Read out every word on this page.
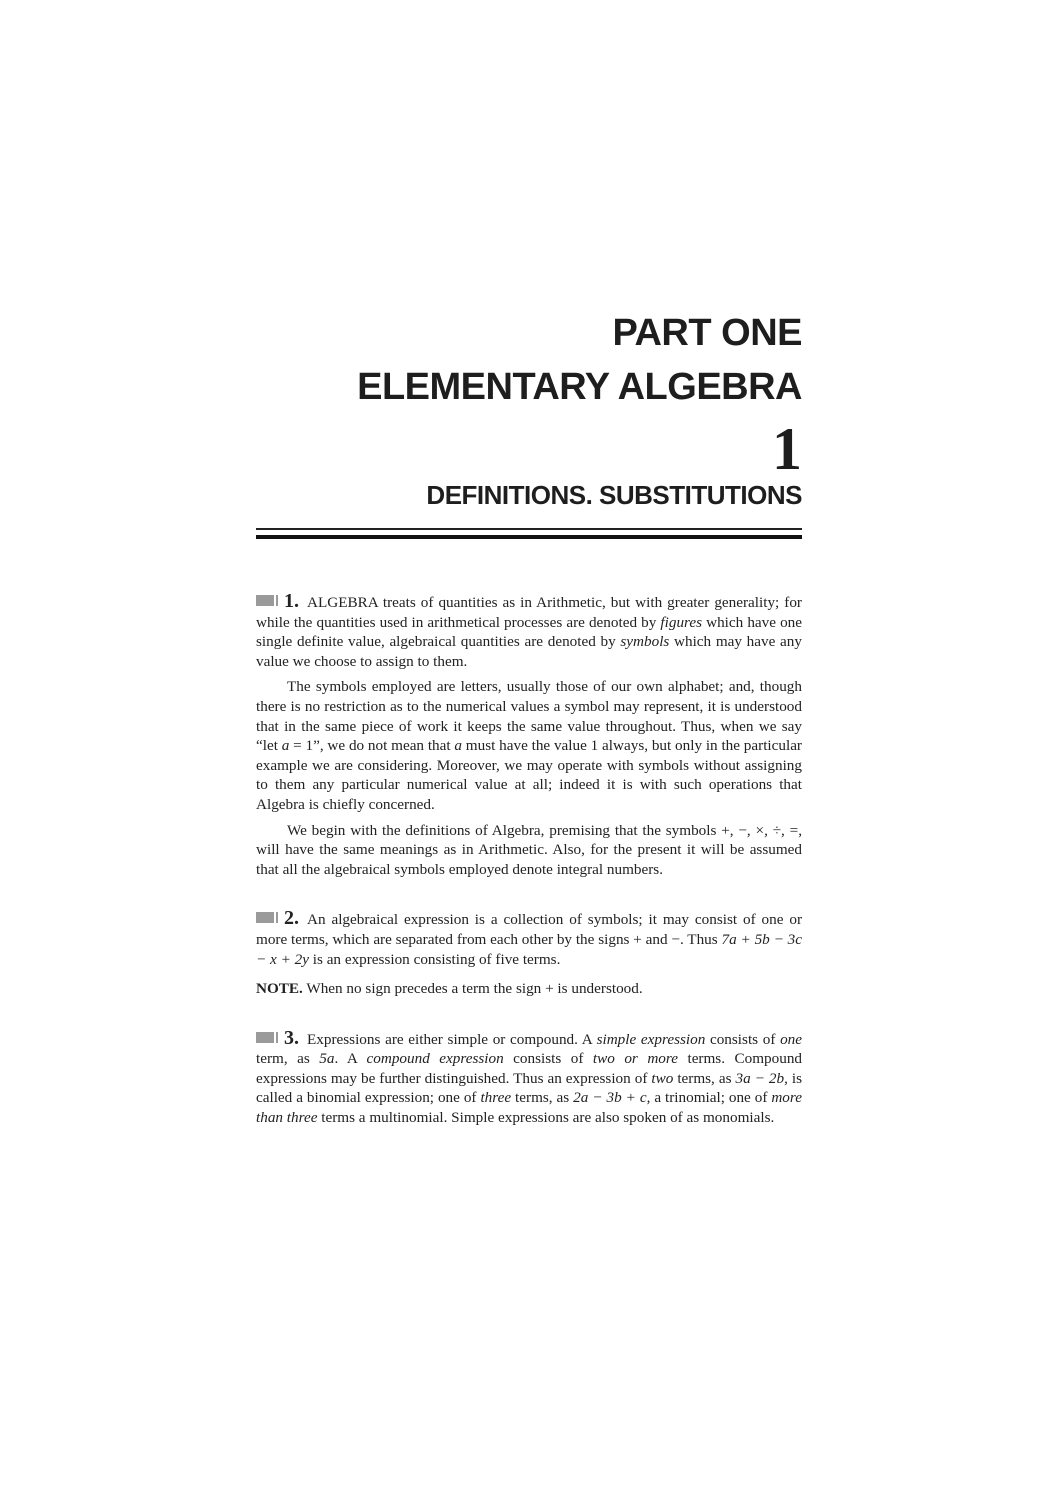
PART ONE
ELEMENTARY ALGEBRA
1
DEFINITIONS. SUBSTITUTIONS

1. ALGEBRA treats of quantities as in Arithmetic, but with greater generality; for while the quantities used in arithmetical processes are denoted by figures which have one single definite value, algebraical quantities are denoted by symbols which may have any value we choose to assign to them.

The symbols employed are letters, usually those of our own alphabet; and, though there is no restriction as to the numerical values a symbol may represent, it is understood that in the same piece of work it keeps the same value throughout. Thus, when we say “let a = 1”, we do not mean that a must have the value 1 always, but only in the particular example we are considering. Moreover, we may operate with symbols without assigning to them any particular numerical value at all; indeed it is with such operations that Algebra is chiefly concerned.

We begin with the definitions of Algebra, premising that the symbols +, −, ×, ÷, =, will have the same meanings as in Arithmetic. Also, for the present it will be assumed that all the algebraical symbols employed denote integral numbers.

2. An algebraical expression is a collection of symbols; it may consist of one or more terms, which are separated from each other by the signs + and −. Thus 7a + 5b − 3c − x + 2y is an expression consisting of five terms.

NOTE. When no sign precedes a term the sign + is understood.

3. Expressions are either simple or compound. A simple expression consists of one term, as 5a. A compound expression consists of two or more terms. Compound expressions may be further distinguished. Thus an expression of two terms, as 3a − 2b, is called a binomial expression; one of three terms, as 2a − 3b + c, a trinomial; one of more than three terms a multinomial. Simple expressions are also spoken of as monomials.
